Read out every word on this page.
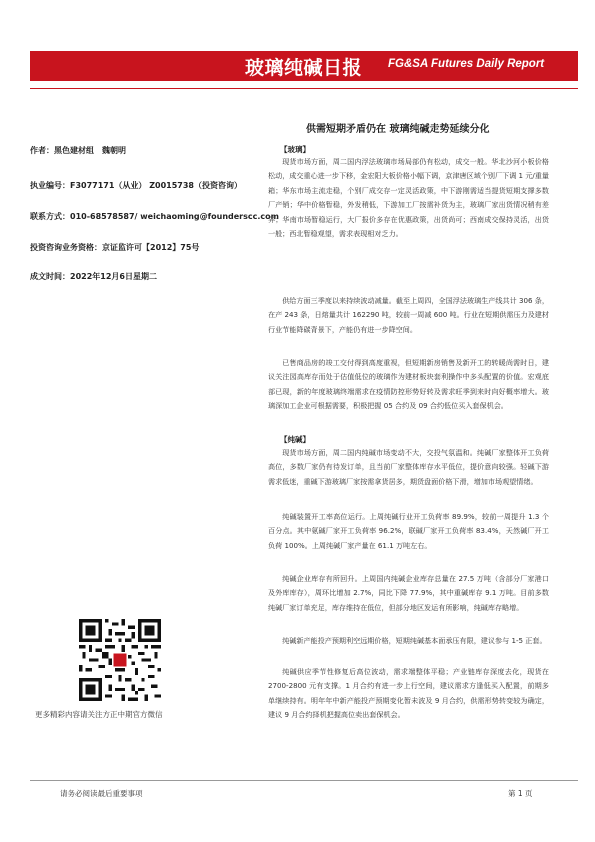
玻璃纯碱日报 FG&SA Futures Daily Report
供需短期矛盾仍在 玻璃纯碱走势延续分化
作者：黑色建材组　魏朝明
执业编号：F3077171（从业） Z0015738（投资咨询）
联系方式：010-68578587/ weichaoming@founderscc.com
投资咨询业务资格：京证监许可【2012】75号
成文时间：2022年12月6日星期二
【玻璃】
现货市场方面，周二国内浮法玻璃市场局部仍有松动，成交一般。华北沙河小板价格松动，成交重心进一步下移，金宏阳大板价格小幅下调，京津唐区域个别厂下调 1 元/重量箱；华东市场主流走稳，个别厂成交存一定灵活政策，中下游刚需适当提货短期支撑多数厂产销；华中价格暂稳，外发稍低，下游加工厂按需补货为主，玻璃厂家出货情况稍有差异；华南市场暂稳运行，大厂报价多存在优惠政策，出货尚可；西南成交保持灵活，出货一般；西北暂稳观望，需求表现相对乏力。
供给方面三季度以来持续波动减量。截至上周四，全国浮法玻璃生产线共计 306 条，在产 243 条，日熔量共计 162290 吨，较前一周减 600 吨。行业在短期供需压力及建材行业节能降碳背景下，产能仍有进一步降空间。
已售商品房的竣工交付得到高度重视，但短期新房销售及新开工的转暖尚需时日，建议关注园高库存而处于估值低位的玻璃作为建材板块套利操作中多头配置的价值。宏观底部已现，新的年度玻璃终端需求在疫情防控形势好转及需求旺季到来时向好概率增大。玻璃深加工企业可根据需要，积极把握 05 合约及 09 合约低位买入套保机会。
【纯碱】
现货市场方面，周二国内纯碱市场变动不大，交投气氛温和。纯碱厂家整体开工负荷高位，多数厂家仍有待发订单，且当前厂家整体库存水平低位，提价意向较强。轻碱下游需求低迷，重碱下游玻璃厂家按需拿货居多，期货盘面价格下滑，增加市场观望情绪。
纯碱装置开工率高位运行。上周纯碱行业开工负荷率 89.9%，较前一周提升 1.3 个百分点。其中氨碱厂家开工负荷率 96.2%，联碱厂家开工负荷率 83.4%，天然碱厂开工负荷 100%。上周纯碱厂家产量在 61.1 万吨左右。
纯碱企业库存有所回升。上周国内纯碱企业库存总量在 27.5 万吨（含部分厂家港口及外库库存），周环比增加 2.7%，同比下降 77.9%，其中重碱库存 9.1 万吨。目前多数纯碱厂家订单充足，库存维持在低位，但部分地区发运有所影响，纯碱库存略增。
纯碱新产能投产预期利空远期价格，短期纯碱基本面承压有限，建议参与 1-5 正套。
纯碱供应季节性修复后高位波动，需求端整体平稳；产业链库存深度去化，现货在 2700-2800 元有支撑。1 月合约有进一步上行空间，建议需求方逢低买入配置，前期多单继续持有。明年年中新产能投产预期变化暂未波及 9 月合约，供需形势转变较为确定，建议 9 月合约择机把握高位卖出套保机会。
更多精彩内容请关注方正中期官方微信
请务必阅读最后重要事项	第 1 页
